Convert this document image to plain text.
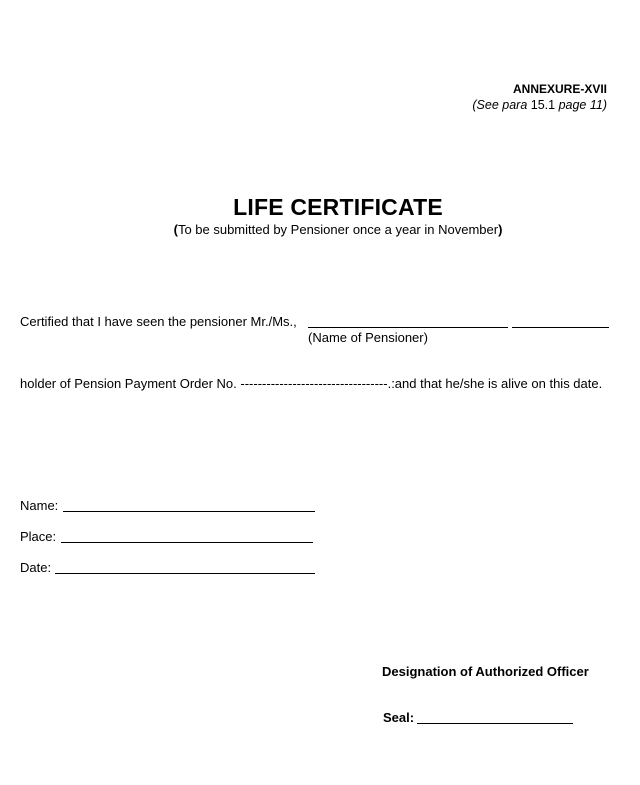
ANNEXURE-XVII
(See para 15.1 page 11)
LIFE CERTIFICATE
(To be submitted by Pensioner once a year in November)
Certified that I have seen the pensioner Mr./Ms.,
(Name of Pensioner)
holder of Pension Payment Order No. ----------------------------------.:and that he/she is alive on this date.
Name:
Place:
Date:
Designation of Authorized Officer
Seal:
